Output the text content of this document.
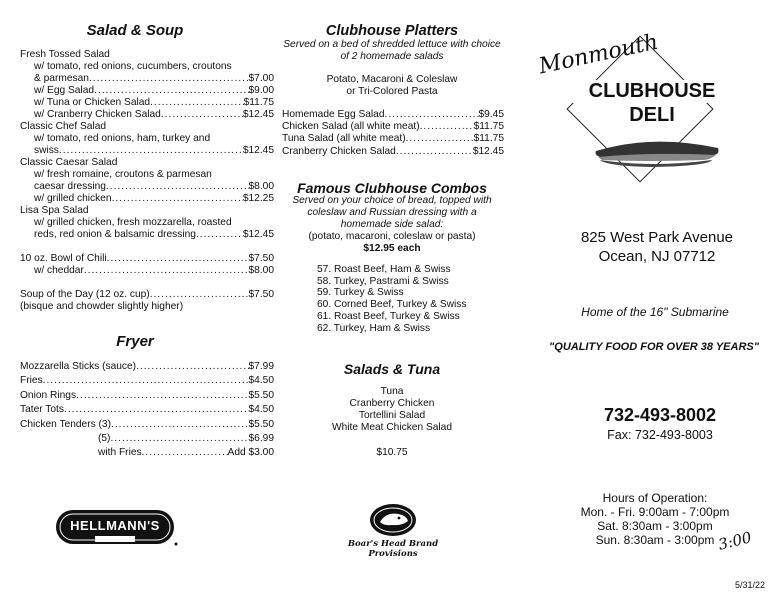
Salad & Soup
Fresh Tossed Salad
w/ tomato, red onions, cucumbers, croutons
& parmesan .....	$7.00
w/ Egg Salad .....	$9.00
w/ Tuna or Chicken Salad .....	$11.75
w/ Cranberry Chicken Salad .....	$12.45
Classic Chef Salad
w/ tomato, red onions, ham, turkey and
swiss .....	$12.45
Classic Caesar Salad
w/ fresh romaine, croutons & parmesan
caesar dressing .....	$8.00
w/ grilled chicken .....	$12.25
Lisa Spa Salad
w/ grilled chicken, fresh mozzarella, roasted
reds, red onion & balsamic dressing .....	$12.45
10 oz. Bowl of Chili .....	$7.50
w/ cheddar .....	$8.00
Soup of the Day (12 oz. cup) .....	$7.50
(bisque and chowder slightly higher)
Fryer
Mozzarella Sticks (sauce) .....	$7.99
Fries .....	$4.50
Onion Rings .....	$5.50
Tater Tots .....	$4.50
Chicken Tenders (3) .....	$5.50
(5) .....	$6.99
with Fries .....	Add $3.00
HELLMANN'S
Clubhouse Platters
Served on a bed of shredded lettuce with choice
of 2 homemade salads
Potato, Macaroni & Coleslaw
or Tri-Colored Pasta
Homemade Egg Salad .....	$9.45
Chicken Salad (all white meat) .....	$11.75
Tuna Salad (all white meat) .....	$11.75
Cranberry Chicken Salad .....	$12.45
Famous Clubhouse Combos
Served on your choice of bread, topped with
coleslaw and Russian dressing with a
homemade side salad:
(potato, macaroni, coleslaw or pasta)
$12.95 each
57. Roast Beef, Ham & Swiss
58. Turkey, Pastrami & Swiss
59. Turkey & Swiss
60. Corned Beef, Turkey & Swiss
61. Roast Beef, Turkey & Swiss
62. Turkey, Ham & Swiss
Salads & Tuna
Tuna
Cranberry Chicken
Tortellini Salad
White Meat Chicken Salad
$10.75
Boar's Head Brand Provisions
Monmouth
CLUBHOUSE
DELI
825 West Park Avenue
Ocean, NJ 07712
Home of the 16" Submarine
"QUALITY FOOD FOR OVER 38 YEARS"
732-493-8002
Fax: 732-493-8003
Hours of Operation:
Mon. - Fri. 9:00am - 7:00pm
Sat. 8:30am - 3:00pm
Sun. 8:30am - 3:00pm 3:00
5/31/22
